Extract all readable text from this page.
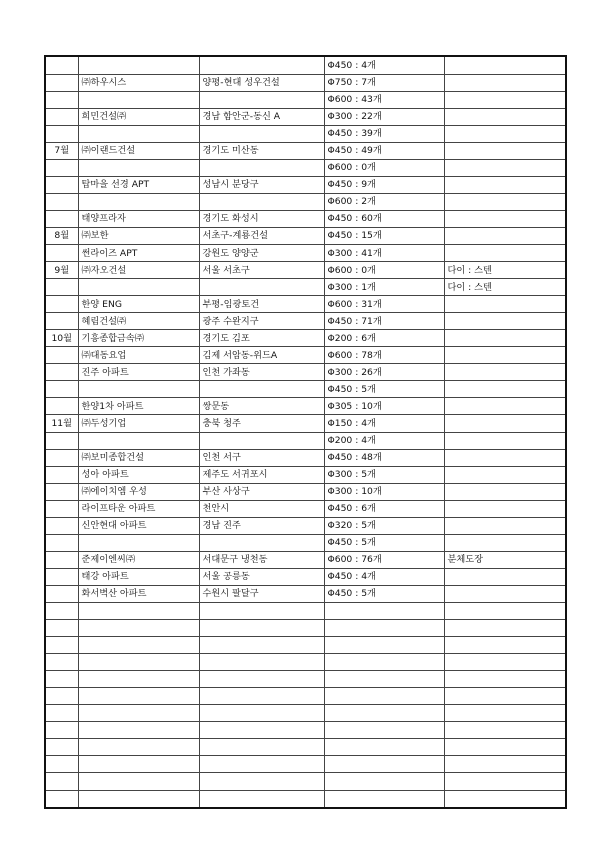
			Φ450 : 4개	
	㈜하우시스	양평-현대 성우건설	Φ750 : 7개	
			Φ600 : 43개	
	희민건설㈜	경남 함안군-동신 A	Φ300 : 22개	
			Φ450 : 39개	
7월	㈜이랜드건설	경기도 미산동	Φ450 : 49개	
			Φ600 : 0개	
	탑마을 선경 APT	성남시 분당구	Φ450 : 9개	
			Φ600 : 2개	
	태양프라자	경기도 화성시	Φ450 : 60개	
8월	㈜보한	서초구-계룡건설	Φ450 : 15개	
	썬라이즈 APT	강원도 양양군	Φ300 : 41개	
9월	㈜자오건설	서울 서초구	Φ600 : 0개	다이 : 스텐
			Φ300 : 1개	다이 : 스텐
	한양 ENG	부평-임광토건	Φ600 : 31개	
	혜림건설㈜	광주 수완지구	Φ450 : 71개	
10월	기흥종합금속㈜	경기도 김포	Φ200 : 6개	
	㈜대동요업	김제 서암동-위드A	Φ600 : 78개	
	진주 아파트	인천 가좌동	Φ300 : 26개	
			Φ450 : 5개	
	한양1차 아파트	쌍문동	Φ305 : 10개	
11월	㈜두성기업	충북 청주	Φ150 : 4개	
			Φ200 : 4개	
	㈜보미종합건설	인천 서구	Φ450 : 48개	
	성아 아파트	제주도 서귀포시	Φ300 : 5개	
	㈜에이치엠 우성	부산 사상구	Φ300 : 10개	
	라이프타운 아파트	천안시	Φ450 : 6개	
	신안현대 아파트	경남 진주	Φ320 : 5개	
			Φ450 : 5개	
	준제이엔씨㈜	서대문구 냉천동	Φ600 : 76개	분체도장
	태강 아파트	서울 공릉동	Φ450 : 4개	
	화서벽산 아파트	수원시 팔달구	Φ450 : 5개	
